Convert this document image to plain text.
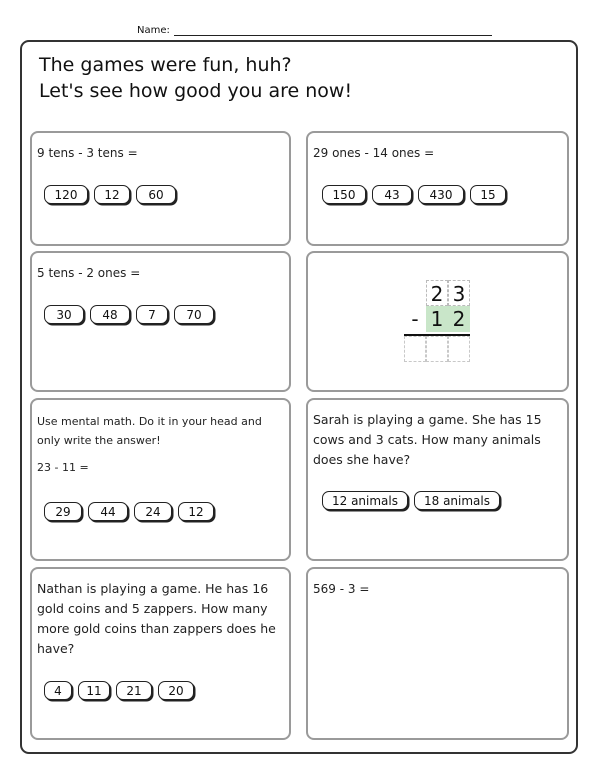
Name:
The games were fun, huh?
Let's see how good you are now!
9 tens - 3 tens =
120	12	60
29 ones - 14 ones =
150	43	430	15
5 tens - 2 ones =
30	48	7	70
2 3
- 1 2
Use mental math. Do it in your head and
only write the answer!
23 - 11 =
29	44	24	12
Sarah is playing a game. She has 15
cows and 3 cats. How many animals
does she have?
12 animals	18 animals
Nathan is playing a game. He has 16
gold coins and 5 zappers. How many
more gold coins than zappers does he
have?
4	11	21	20
569 - 3 =
